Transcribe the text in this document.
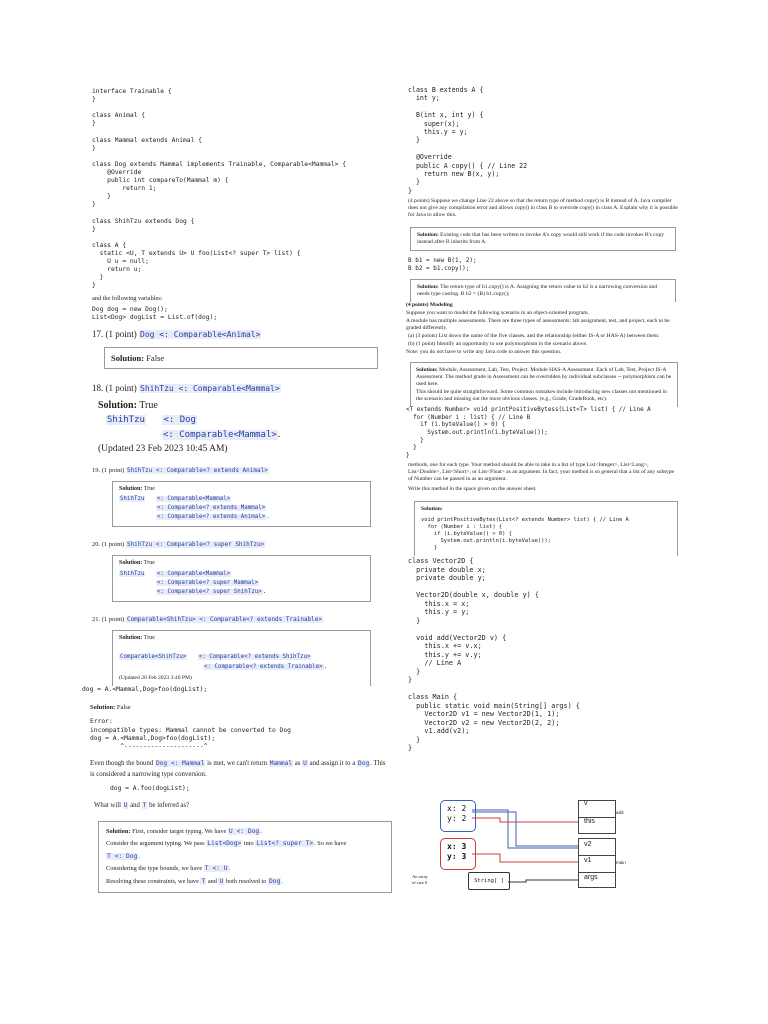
interface Trainable {
}

class Animal {
}

class Mammal extends Animal {
}

class Dog extends Mammal implements Trainable, Comparable<Mammal> {
@Override
public int compareTo(Mammal m) {
return 1;
}
}

class ShihTzu extends Dog {
}

class A {
static <U, T extends U> U foo(List<? super T> list) {
U u = null;
return u;
}
}
and the following variables:
Dog dog = new Dog();
List<Dog> dogList = List.of(dog);
17. (1 point) Dog <: Comparable<Animal>
Solution: False
18. (1 point) ShihTzu <: Comparable<Mammal>
Solution: True
ShihTzu <: Dog
<: Comparable<Mammal>.
(Updated 23 Feb 2023 10:45 AM)
19. (1 point) ShihTzu <: Comparable<? extends Animal>
Solution: True
ShihTzu <: Comparable<Mammal>
<: Comparable<? extends Mammal>
<: Comparable<? extends Animal>.
20. (1 point) ShihTzu <: Comparable<? super ShihTzu>
Solution: True
ShihTzu <: Comparable<Mammal>
<: Comparable<? super Mammal>
<: Comparable<? super ShihTzu>.
21. (1 point) Comparable<ShihTzu> <: Comparable<? extends Trainable>
Solution: True
Comparable<ShihTzu> <: Comparable<? extends ShihTzu>
<: Comparable<? extends Trainable>.
(Updated 20 Feb 2023 3:40 PM)
dog = A.<Mammal,Dog>foo(dogList);
Solution: False
Error:
incompatible types: Mammal cannot be converted to Dog
dog = A.<Mammal,Dog>foo(dogList);
^---------------------^
Even though the bound Dog <: Mammal is met, we can't return Mammal as U and assign it to a Dog. This is considered a narrowing type conversion.
dog = A.foo(dogList);
What will U and T be inferred as?
Solution: First, consider target typing. We have U <: Dog.
Consider the argument typing. We pass List<Dog> into List<? super T>. So we have
T <: Dog.
Considering the type bounds, we have T <: U.
Resolving these constraints, we have T and U both resolved to Dog.
class B extends A {
int y;

B(int x, int y) {
super(x);
this.y = y;
}

@Override
public A copy() { // Line 22
return new B(x, y);
}
}
(4 points) Suppose we change Line 22 above so that the return type of method copy() is B instead of A. Java compiler does not give any compilation error and allows copy() in class B to override copy() in class A. Explain why it is possible for Java to allow this.
Solution: Existing code that has been written to invoke A's copy would still work if the code invokes B's copy instead after B inherits from A.
B b1 = new B(1, 2);
B b2 = b1.copy();
Solution: The return type of b1.copy() is A. Assigning the return value to b2 is a narrowing conversion and needs type casting. B b2 = (B) b1.copy();
(4 points) Modeling
Suppose you want to model the following scenario in an object-oriented program.
A module has multiple assessments. There are three types of assessments: lab assignment, test, and project, each to be graded differently.
(a) (3 points) List down the name of the five classes, and the relationship (either IS-A or HAS-A) between them.
(b) (1 point) Identify an opportunity to use polymorphism in the scenario above.
Note: you do not have to write any Java code to answer this question.
Solution: Module, Assessment, Lab, Test, Project. Module HAS-A Assessment. Each of Lab, Test, Project IS-A Assessment. The method grade in Assessment can be overridden by individual subclasses -- polymorphism can be used here.
This should be quite straightforward. Some common mistakes include introducing new classes not mentioned in the scenario and missing out the more obvious classes. (e.g., Grade, GradeBook, etc).
<T extends Number> void printPositiveBytess(List<T> list) { // Line A
for (Number i : list) { // Line B
if (i.byteValue() > 0) {
System.out.println(i.byteValue());
}
}
}
methods, one for each type. Your method should be able to take in a list of type List<Integer>, List<Long>, List<Double>, List<Short>, or List<Float> as an argument. In fact, your method is so general that a list of any subtype of Number can be passed in as an argument.
Write this method in the space given on the answer sheet.
Solution:
void printPositiveBytes(List<? extends Number> list) { // Line A
for (Number i : list) {
if (i.byteValue() > 0) {
System.out.println(i.byteValue());
}
class Vector2D {
private double x;
private double y;

Vector2D(double x, double y) {
this.x = x;
this.y = y;
}

void add(Vector2D v) {
this.x += v.x;
this.y += v.y;
// Line A
}
}

class Main {
public static void main(String[] args) {
Vector2D v1 = new Vector2D(1, 1);
Vector2D v2 = new Vector2D(2, 2);
v1.add(v2);
}
}
x: 2
y: 2
x: 3
y: 3
String[ ]
An array
of size 0
v
this
add
v2
v1
args
main
